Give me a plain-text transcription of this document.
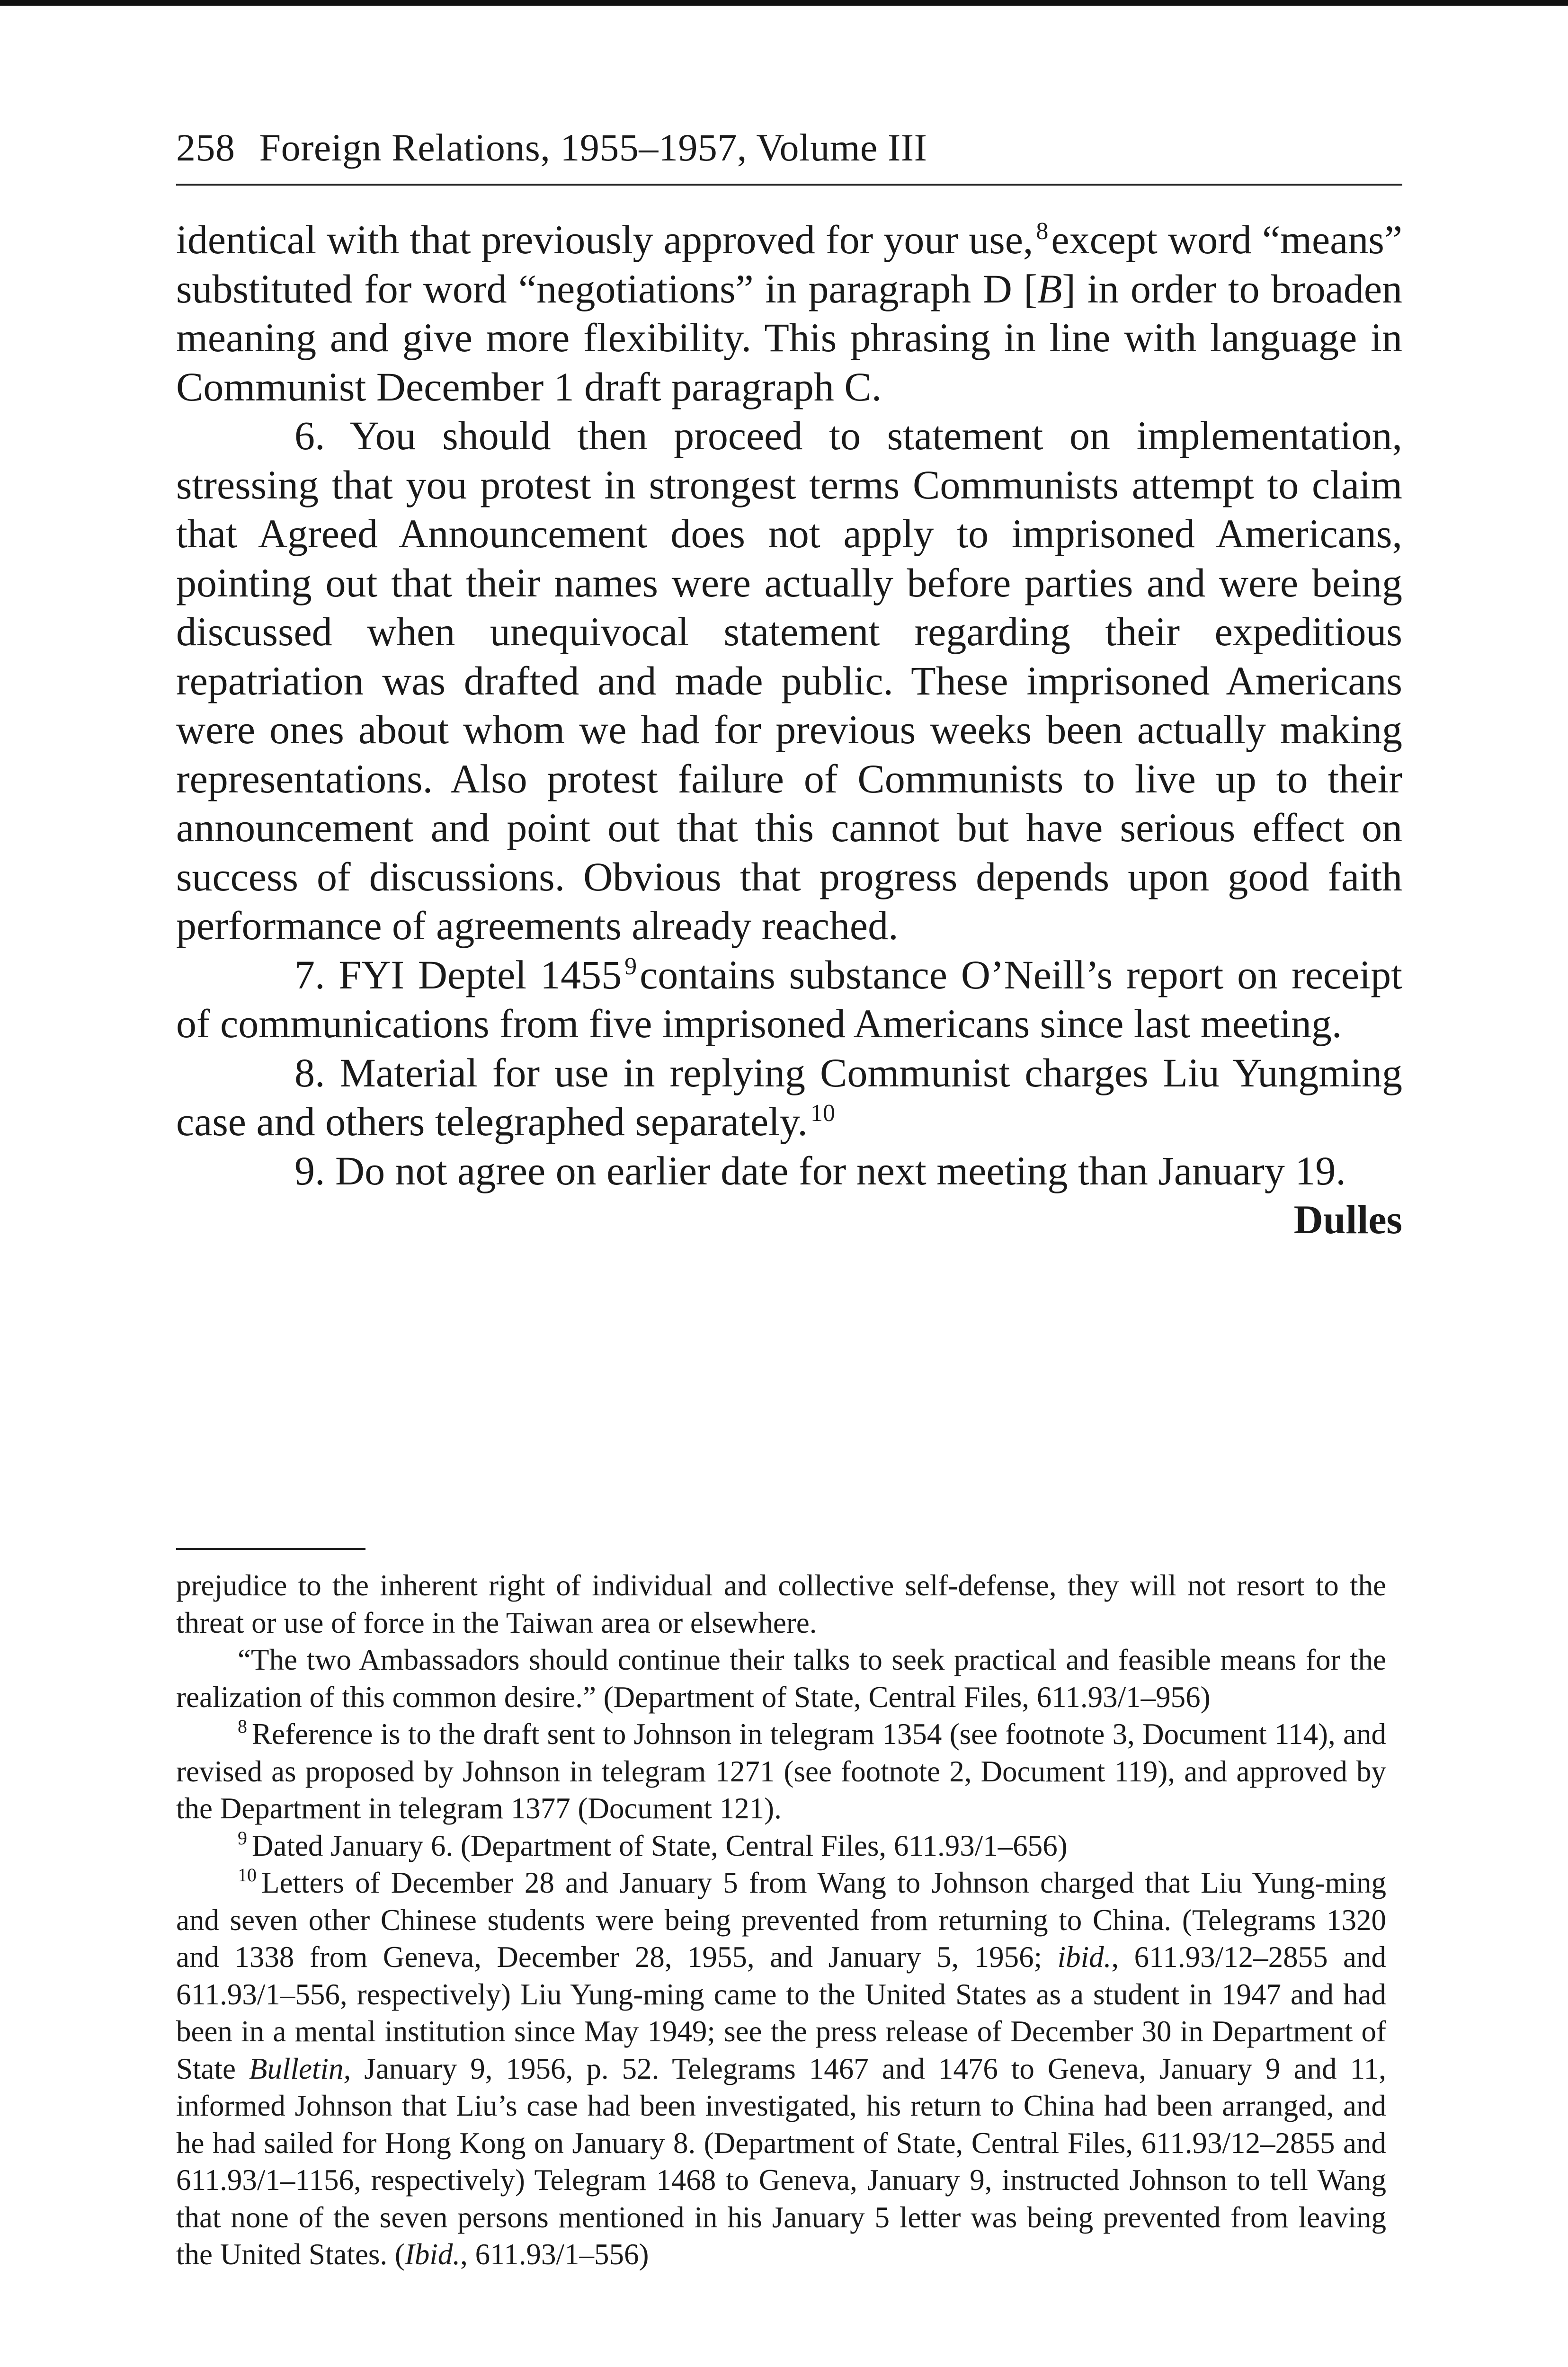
258 Foreign Relations, 1955–1957, Volume III

identical with that previously approved for your use, $^8$except word “means” substituted for word “negotiations” in paragraph D [B] in order to broaden meaning and give more flexibility. This phrasing in line with language in Communist December 1 draft paragraph C.

6. You should then proceed to statement on implementation, stressing that you protest in strongest terms Communists attempt to claim that Agreed Announcement does not apply to imprisoned Americans, pointing out that their names were actually before parties and were being discussed when unequivocal statement regarding their expeditious repatriation was drafted and made public. These imprisoned Americans were ones about whom we had for previous weeks been actually making representations. Also protest failure of Communists to live up to their announcement and point out that this cannot but have serious effect on success of discussions. Obvious that progress depends upon good faith performance of agreements already reached.

7. FYI Deptel 1455 $^9$contains substance O’Neill’s report on receipt of communications from five imprisoned Americans since last meeting.

8. Material for use in replying Communist charges Liu Yungming case and others telegraphed separately. $^{10}$

9. Do not agree on earlier date for next meeting than January 19.

Dulles

prejudice to the inherent right of individual and collective self-defense, they will not resort to the threat or use of force in the Taiwan area or elsewhere.

“The two Ambassadors should continue their talks to seek practical and feasible means for the realization of this common desire.” (Department of State, Central Files, 611.93/1–956)

$^8$ Reference is to the draft sent to Johnson in telegram 1354 (see footnote 3, Document 114), and revised as proposed by Johnson in telegram 1271 (see footnote 2, Document 119), and approved by the Department in telegram 1377 (Document 121).

$^9$ Dated January 6. (Department of State, Central Files, 611.93/1–656)

$^{10}$ Letters of December 28 and January 5 from Wang to Johnson charged that Liu Yung-ming and seven other Chinese students were being prevented from returning to China. (Telegrams 1320 and 1338 from Geneva, December 28, 1955, and January 5, 1956; ibid., 611.93/12–2855 and 611.93/1–556, respectively) Liu Yung-ming came to the United States as a student in 1947 and had been in a mental institution since May 1949; see the press release of December 30 in Department of State Bulletin, January 9, 1956, p. 52. Telegrams 1467 and 1476 to Geneva, January 9 and 11, informed Johnson that Liu’s case had been investigated, his return to China had been arranged, and he had sailed for Hong Kong on January 8. (Department of State, Central Files, 611.93/12–2855 and 611.93/1–1156, respectively) Telegram 1468 to Geneva, January 9, instructed Johnson to tell Wang that none of the seven persons mentioned in his January 5 letter was being prevented from leaving the United States. (Ibid., 611.93/1–556)
